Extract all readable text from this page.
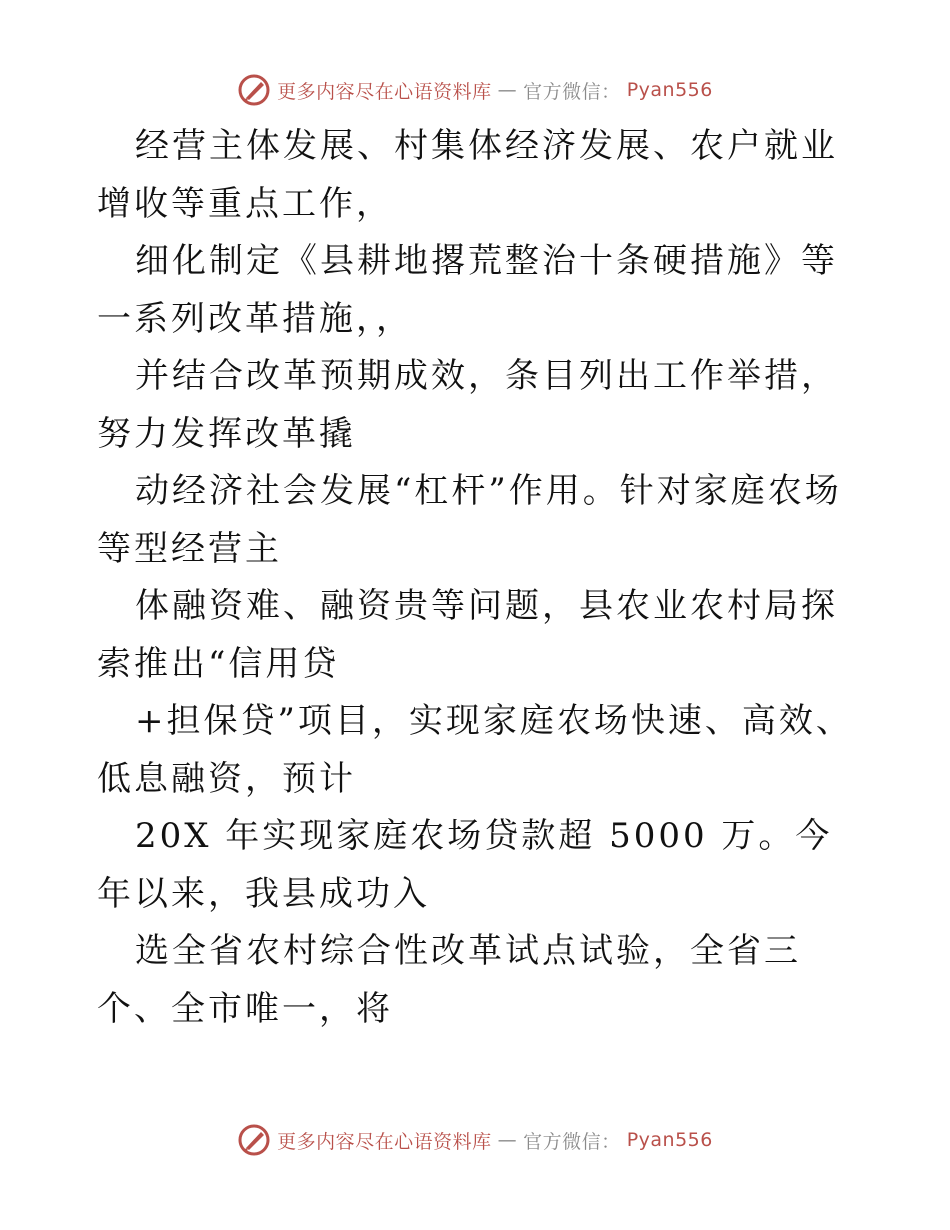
更多内容尽在心语资料库 — 官方微信： Pyan556

经营主体发展、村集体经济发展、农户就业增收等重点工作，

细化制定《县耕地撂荒整治十条硬措施》等一系列改革措施，，

并结合改革预期成效，条目列出工作举措，努力发挥改革撬

动经济社会发展“杠杆”作用。针对家庭农场等型经营主

体融资难、融资贵等问题，县农业农村局探索推出“信用贷

+担保贷”项目，实现家庭农场快速、高效、低息融资，预计

20X 年实现家庭农场贷款超 5000 万。今年以来，我县成功入

选全省农村综合性改革试点试验，全省三个、全市唯一，将

更多内容尽在心语资料库 — 官方微信： Pyan556
